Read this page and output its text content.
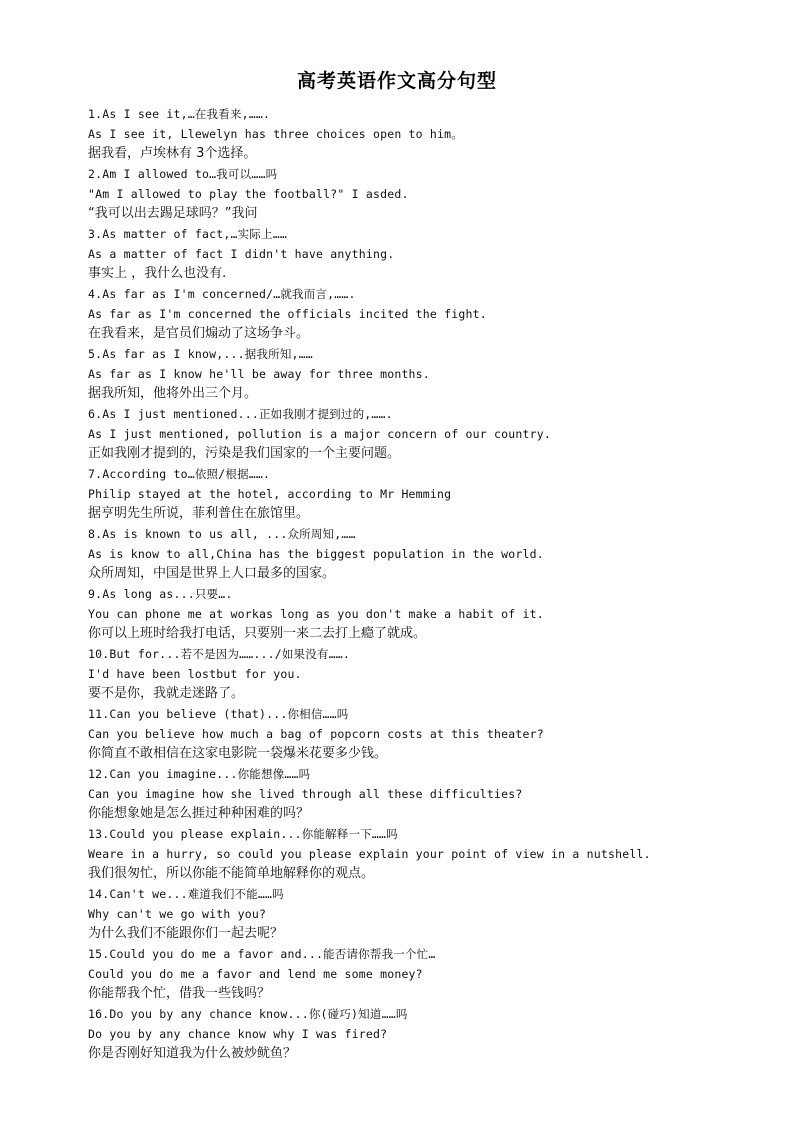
高考英语作文高分句型
1.As I see it,…在我看来,…….
As I see it, Llewelyn has three choices open to him。
据我看，卢埃林有 3个选择。
2.Am I allowed to…我可以……吗
"Am I allowed to play the football?" I asded.
“我可以出去踢足球吗？”我问
3.As matter of fact,…实际上……
As a matter of fact I didn't have anything.
事实上 ，我什么也没有.
4.As far as I'm concerned/…就我而言,…….
As far as I'm concerned the officials incited the fight.
在我看来，是官员们煽动了这场争斗。
5.As far as I know,...据我所知,……
As far as I know he'll be away for three months.
据我所知，他将外出三个月。
6.As I just mentioned...正如我刚才提到过的,…….
As I just mentioned, pollution is a major concern of our country.
正如我刚才提到的，污染是我们国家的一个主要问题。
7.According to…依照/根据…….
Philip stayed at the hotel, according to Mr Hemming
据亨明先生所说，菲利普住在旅馆里。
8.As is known to us all, ...众所周知,……
As is know to all,China has the biggest population in the world.
众所周知，中国是世界上人口最多的国家。
9.As long as...只要….
You can phone me at workas long as you don't make a habit of it.
你可以上班时给我打电话，只要别一来二去打上瘾了就成。
10.But for...若不是因为…….../如果没有…….
I'd have been lostbut for you.
要不是你，我就走迷路了。
11.Can you believe (that)...你相信……吗
Can you believe how much a bag of popcorn costs at this theater?
你简直不敢相信在这家电影院一袋爆米花要多少钱。
12.Can you imagine...你能想像……吗
Can you imagine how she lived through all these difficulties?
你能想象她是怎么捱过种种困难的吗？
13.Could you please explain...你能解释一下……吗
Weare in a hurry, so could you please explain your point of view in a nutshell.
我们很匆忙，所以你能不能简单地解释你的观点。
14.Can't we...难道我们不能……吗
Why can't we go with you?
为什么我们不能跟你们一起去呢？
15.Could you do me a favor and...能否请你帮我一个忙…
Could you do me a favor and lend me some money?
你能帮我个忙，借我一些钱吗？
16.Do you by any chance know...你(碰巧)知道……吗
Do you by any chance know why I was fired?
你是否刚好知道我为什么被炒鱿鱼？
